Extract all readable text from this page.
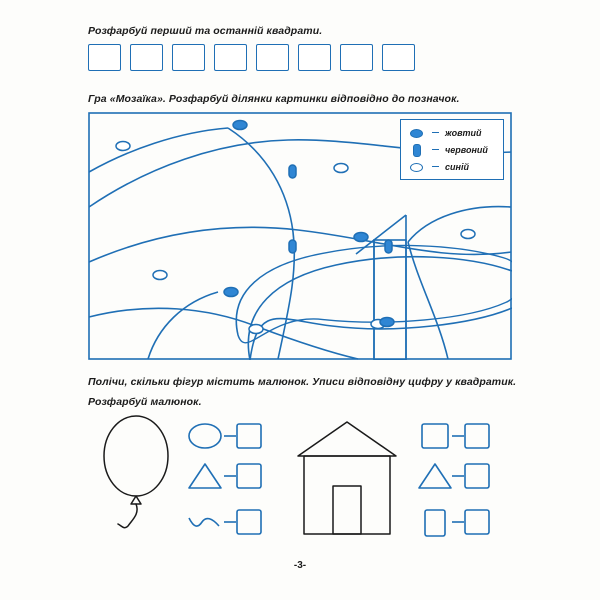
Розфарбуй перший та останній квадрати.
Гра «Мозаїка». Розфарбуй ділянки картинки відповідно до позначок.
жовтий
червоний
синій
Полічи, скільки фігур містить малюнок. Уписи відповідну цифру у квадратик.
Розфарбуй малюнок.
-3-
